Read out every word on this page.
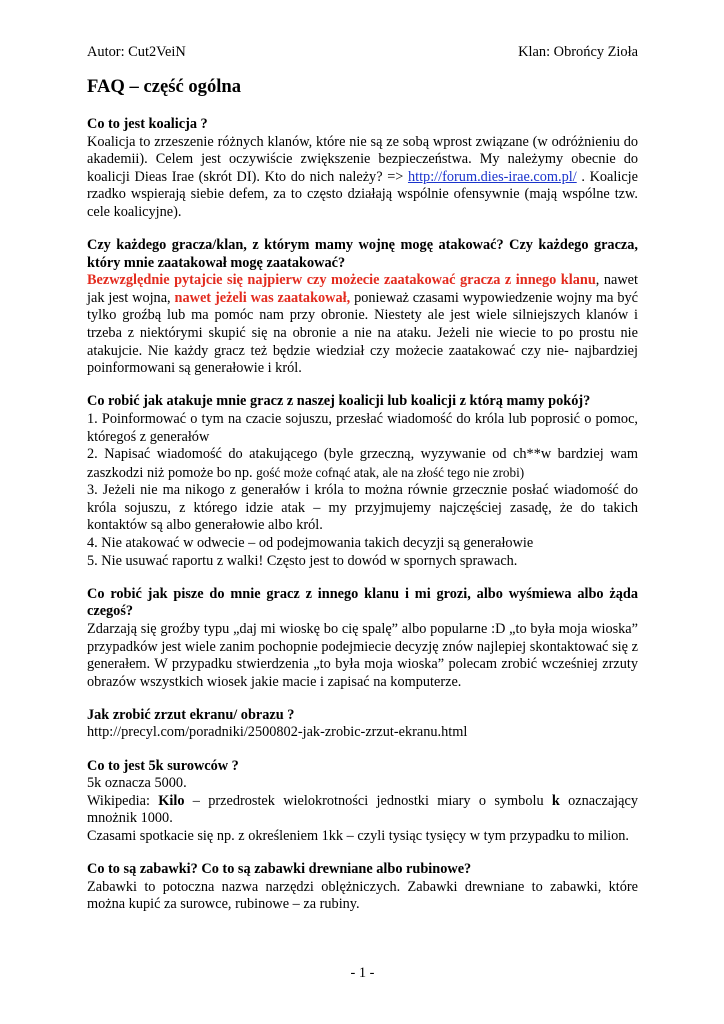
Autor: Cut2VeiN	Klan: Obrońcy Zioła
FAQ – część ogólna
Co to jest koalicja ?

Koalicja to zrzeszenie różnych klanów, które nie są ze sobą wprost związane (w odróżnieniu do akademii). Celem jest oczywiście zwiększenie bezpieczeństwa. My należymy obecnie do koalicji Dieas Irae (skrót DI). Kto do nich należy? => http://forum.dies-irae.com.pl/ . Koalicje rzadko wspierają siebie defem, za to często działają wspólnie ofensywnie (mają wspólne tzw. cele koalicyjne).

Czy każdego gracza/klan, z którym mamy wojnę mogę atakować? Czy każdego gracza, który mnie zaatakował mogę zaatakować?

Bezwzględnie pytajcie się najpierw czy możecie zaatakować gracza z innego klanu, nawet jak jest wojna, nawet jeżeli was zaatakował, ponieważ czasami wypowiedzenie wojny ma być tylko groźbą lub ma pomóc nam przy obronie. Niestety ale jest wiele silniejszych klanów i trzeba z niektórymi skupić się na obronie a nie na ataku. Jeżeli nie wiecie to po prostu nie atakujcie. Nie każdy gracz też będzie wiedział czy możecie zaatakować czy nie- najbardziej poinformowani są generałowie i król.

Co robić jak atakuje mnie gracz z naszej koalicji lub koalicji z którą mamy pokój?

1. Poinformować o tym na czacie sojuszu, przesłać wiadomość do króla lub poprosić o pomoc, któregoś z generałów

2. Napisać wiadomość do atakującego (byle grzeczną, wyzywanie od ch**w bardziej wam zaszkodzi niż pomoże bo np. gość może cofnąć atak, ale na złość tego nie zrobi)

3. Jeżeli nie ma nikogo z generałów i króla to można równie grzecznie posłać wiadomość do króla sojuszu, z którego idzie atak – my przyjmujemy najczęściej zasadę, że do takich kontaktów są albo generałowie albo król.

4. Nie atakować w odwecie – od podejmowania takich decyzji są generałowie

5. Nie usuwać raportu z walki! Często jest to dowód w spornych sprawach.

Co robić jak pisze do mnie gracz z innego klanu i mi grozi, albo wyśmiewa albo żąda czegoś?

Zdarzają się groźby typu „daj mi wioskę bo cię spalę” albo popularne :D „to była moja wioska” przypadków jest wiele zanim pochopnie podejmiecie decyzję znów najlepiej skontaktować się z generałem. W przypadku stwierdzenia „to była moja wioska” polecam zrobić wcześniej zrzuty obrazów wszystkich wiosek jakie macie i zapisać na komputerze.

Jak zrobić zrzut ekranu/ obrazu ?

http://precyl.com/poradniki/2500802-jak-zrobic-zrzut-ekranu.html

Co to jest 5k surowców ?

5k oznacza 5000.

Wikipedia: Kilo – przedrostek wielokrotności jednostki miary o symbolu k oznaczający mnożnik 1000.

Czasami spotkacie się np. z określeniem 1kk – czyli tysiąc tysięcy w tym przypadku to milion.

Co to są zabawki? Co to są zabawki drewniane albo rubinowe?

Zabawki to potoczna nazwa narzędzi oblężniczych. Zabawki drewniane to zabawki, które można kupić za surowce, rubinowe – za rubiny.

- 1 -
